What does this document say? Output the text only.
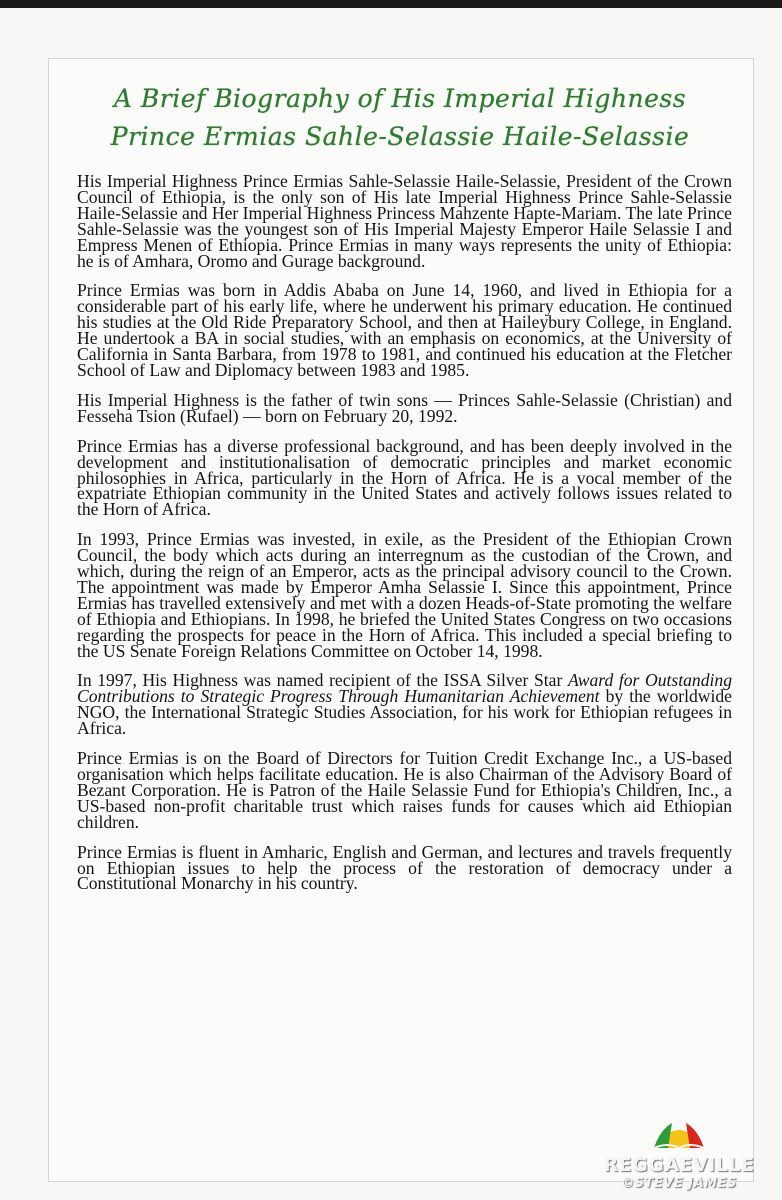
A Brief Biography of His Imperial Highness
Prince Ermias Sahle-Selassie Haile-Selassie

His Imperial Highness Prince Ermias Sahle-Selassie Haile-Selassie, President of the Crown Council of Ethiopia, is the only son of His late Imperial Highness Prince Sahle-Selassie Haile-Selassie and Her Imperial Highness Princess Mahzente Hapte-Mariam. The late Prince Sahle-Selassie was the youngest son of His Imperial Majesty Emperor Haile Selassie I and Empress Menen of Ethiopia. Prince Ermias in many ways represents the unity of Ethiopia: he is of Amhara, Oromo and Gurage background.

Prince Ermias was born in Addis Ababa on June 14, 1960, and lived in Ethiopia for a considerable part of his early life, where he underwent his primary education. He continued his studies at the Old Ride Preparatory School, and then at Haileybury College, in England. He undertook a BA in social studies, with an emphasis on economics, at the University of California in Santa Barbara, from 1978 to 1981, and continued his education at the Fletcher School of Law and Diplomacy between 1983 and 1985.

His Imperial Highness is the father of twin sons — Princes Sahle-Selassie (Christian) and Fesseha Tsion (Rufael) — born on February 20, 1992.

Prince Ermias has a diverse professional background, and has been deeply involved in the development and institutionalisation of democratic principles and market economic philosophies in Africa, particularly in the Horn of Africa. He is a vocal member of the expatriate Ethiopian community in the United States and actively follows issues related to the Horn of Africa.

In 1993, Prince Ermias was invested, in exile, as the President of the Ethiopian Crown Council, the body which acts during an interregnum as the custodian of the Crown, and which, during the reign of an Emperor, acts as the principal advisory council to the Crown. The appointment was made by Emperor Amha Selassie I. Since this appointment, Prince Ermias has travelled extensively and met with a dozen Heads-of-State promoting the welfare of Ethiopia and Ethiopians. In 1998, he briefed the United States Congress on two occasions regarding the prospects for peace in the Horn of Africa. This included a special briefing to the US Senate Foreign Relations Committee on October 14, 1998.

In 1997, His Highness was named recipient of the ISSA Silver Star Award for Outstanding Contributions to Strategic Progress Through Humanitarian Achievement by the worldwide NGO, the International Strategic Studies Association, for his work for Ethiopian refugees in Africa.

Prince Ermias is on the Board of Directors for Tuition Credit Exchange Inc., a US-based organisation which helps facilitate education. He is also Chairman of the Advisory Board of Bezant Corporation. He is Patron of the Haile Selassie Fund for Ethiopia's Children, Inc., a US-based non-profit charitable trust which raises funds for causes which aid Ethiopian children.

Prince Ermias is fluent in Amharic, English and German, and lectures and travels frequently on Ethiopian issues to help the process of the restoration of democracy under a Constitutional Monarchy in his country.

REGGAEVILLE
©STEVE JAMES
